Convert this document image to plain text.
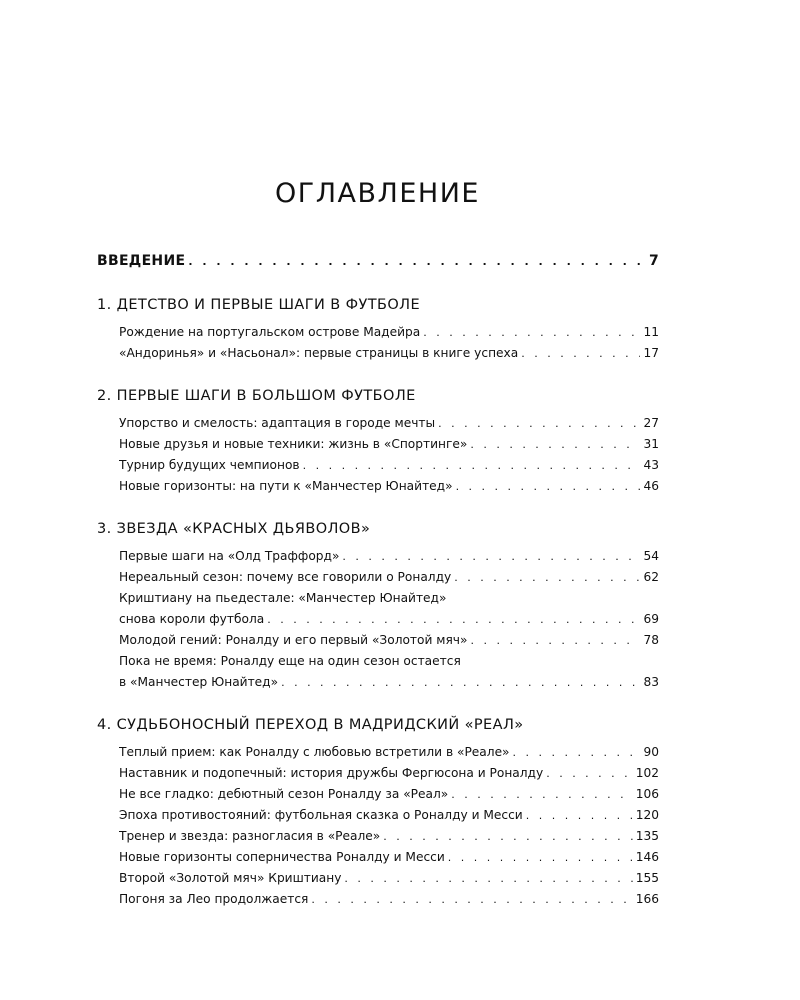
ОГЛАВЛЕНИЕ
ВВЕДЕНИЕ . . .	7
1. ДЕТСТВО И ПЕРВЫЕ ШАГИ В ФУТБОЛЕ
Рождение на португальском острове Мадейра . . .	11
«Андоринья» и «Насьонал»: первые страницы в книге успеха . . .	17
2. ПЕРВЫЕ ШАГИ В БОЛЬШОМ ФУТБОЛЕ
Упорство и смелость: адаптация в городе мечты . . .	27
Новые друзья и новые техники: жизнь в «Спортинге» . . .	31
Турнир будущих чемпионов . . .	43
Новые горизонты: на пути к «Манчестер Юнайтед» . . .	46
3. ЗВЕЗДА «КРАСНЫХ ДЬЯВОЛОВ»
Первые шаги на «Олд Траффорд» . . .	54
Нереальный сезон: почему все говорили о Роналду . . .	62
Криштиану на пьедестале: «Манчестер Юнайтед»
снова короли футбола . . .	69
Молодой гений: Роналду и его первый «Золотой мяч» . . .	78
Пока не время: Роналду еще на один сезон остается
в «Манчестер Юнайтед» . . .	83
4. СУДЬБОНОСНЫЙ ПЕРЕХОД В МАДРИДСКИЙ «РЕАЛ»
Теплый прием: как Роналду с любовью встретили в «Реале» . . .	90
Наставник и подопечный: история дружбы Фергюсона и Роналду . . .	102
Не все гладко: дебютный сезон Роналду за «Реал» . . .	106
Эпоха противостояний: футбольная сказка о Роналду и Месси . . .	120
Тренер и звезда: разногласия в «Реале» . . .	135
Новые горизонты соперничества Роналду и Месси . . .	146
Второй «Золотой мяч» Криштиану . . .	155
Погоня за Лео продолжается . . .	166
